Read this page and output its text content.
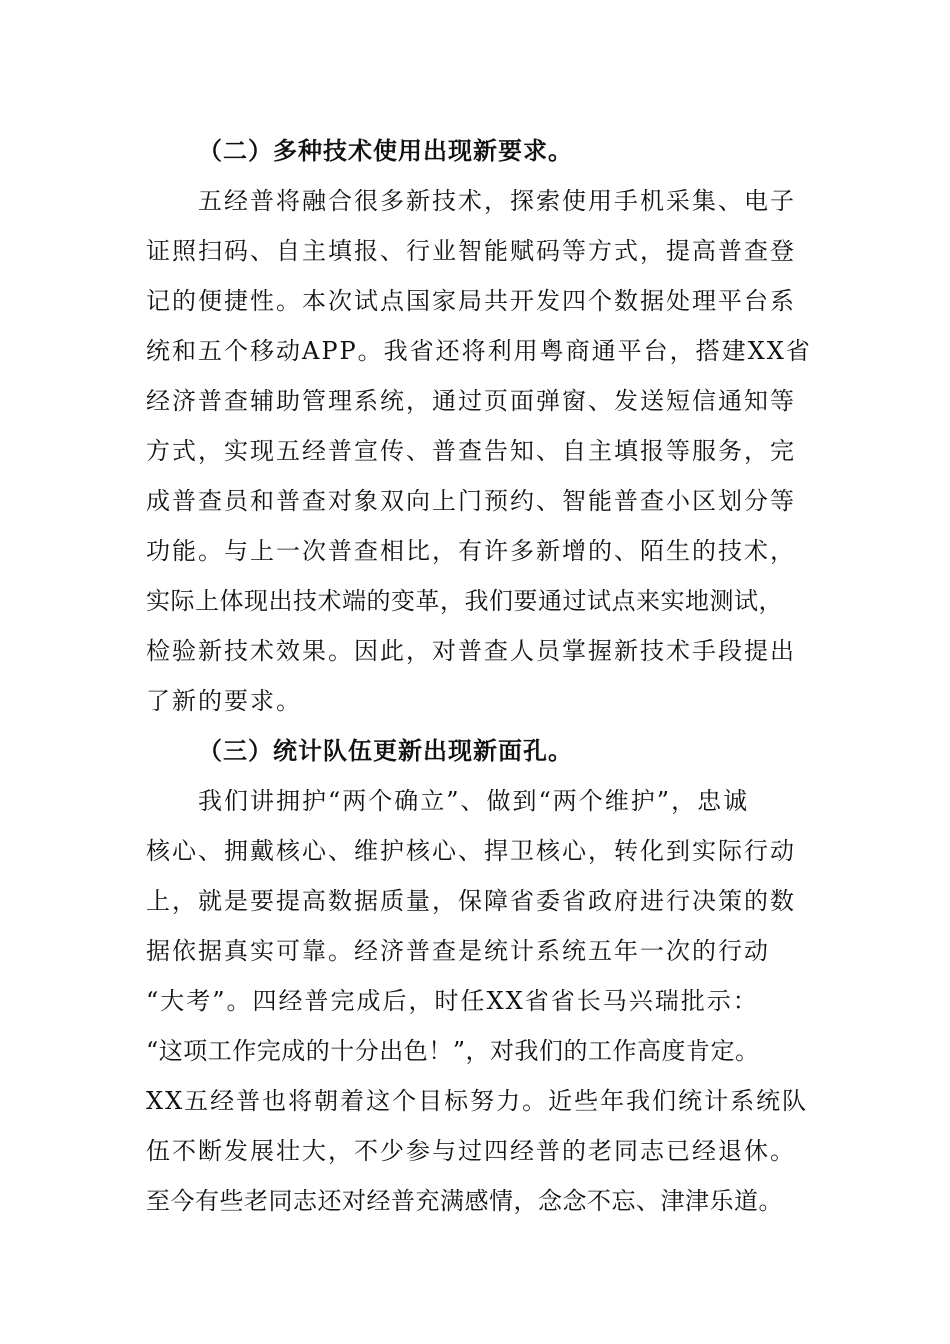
（二）多种技术使用出现新要求。
五经普将融合很多新技术，探索使用手机采集、电子
证照扫码、自主填报、行业智能赋码等方式，提高普查登
记的便捷性。本次试点国家局共开发四个数据处理平台系
统和五个移动APP。我省还将利用粤商通平台，搭建XX省
经济普查辅助管理系统，通过页面弹窗、发送短信通知等
方式，实现五经普宣传、普查告知、自主填报等服务，完
成普查员和普查对象双向上门预约、智能普查小区划分等
功能。与上一次普查相比，有许多新增的、陌生的技术，
实际上体现出技术端的变革，我们要通过试点来实地测试，
检验新技术效果。因此，对普查人员掌握新技术手段提出
了新的要求。
（三）统计队伍更新出现新面孔。
我们讲拥护“两个确立”、做到“两个维护”，忠诚
核心、拥戴核心、维护核心、捍卫核心，转化到实际行动
上，就是要提高数据质量，保障省委省政府进行决策的数
据依据真实可靠。经济普查是统计系统五年一次的行动
“大考”。四经普完成后，时任XX省省长马兴瑞批示：
“这项工作完成的十分出色！”，对我们的工作高度肯定。
XX五经普也将朝着这个目标努力。近些年我们统计系统队
伍不断发展壮大，不少参与过四经普的老同志已经退休。
至今有些老同志还对经普充满感情，念念不忘、津津乐道。
